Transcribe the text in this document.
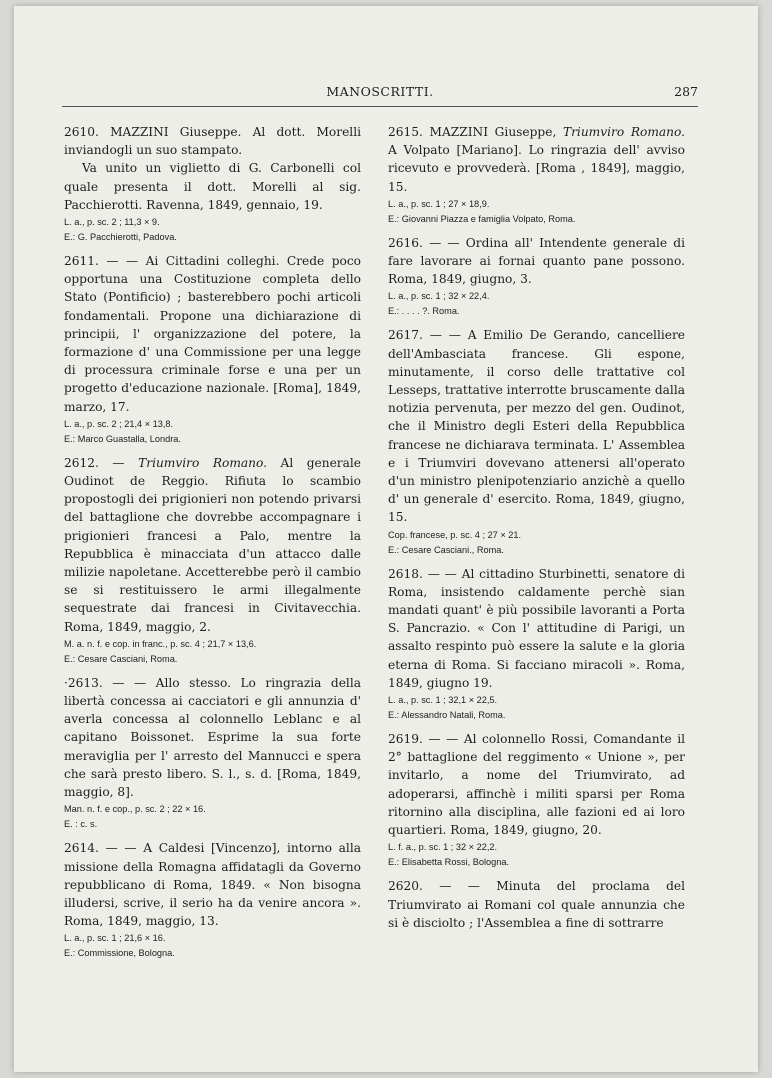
MANOSCRITTI.	287

2610. MAZZINI Giuseppe. Al dott. Morelli inviandogli un suo stampato.

Va unito un viglietto di G. Carbonelli col quale presenta il dott. Morelli al sig. Pacchierotti. Ravenna, 1849, gennaio, 19.

L. a., p. sc. 2 ; 11,3 × 9.
E.: G. Pacchierotti, Padova.

2611. — — Ai Cittadini colleghi. Crede poco opportuna una Costituzione completa dello Stato (Pontificio) ; basterebbero pochi articoli fondamentali. Propone una dichiarazione di principii, l' organizzazione del potere, la formazione d' una Commissione per una legge di processura criminale forse e una per un progetto d'educazione nazionale. [Roma], 1849, marzo, 17.

L. a., p. sc. 2 ; 21,4 × 13,8.
E.: Marco Guastalla, Londra.

2612. — Triumviro Romano. Al generale Oudinot de Reggio. Rifiuta lo scambio propostogli dei prigionieri non potendo privarsi del battaglione che dovrebbe accompagnare i prigionieri francesi a Palo, mentre la Repubblica è minacciata d'un attacco dalle milizie napoletane. Accetterebbe però il cambio se si restituissero le armi illegalmente sequestrate dai francesi in Civitavecchia. Roma, 1849, maggio, 2.

M. a. n. f. e cop. in franc., p. sc. 4 ; 21,7 × 13,6.
E.: Cesare Casciani, Roma.

·2613. — — Allo stesso. Lo ringrazia della libertà concessa ai cacciatori e gli annunzia d' averla concessa al colonnello Leblanc e al capitano Boissonet. Esprime la sua forte meraviglia per l' arresto del Mannucci e spera che sarà presto libero. S. l., s. d. [Roma, 1849, maggio, 8].

Man. n. f. e cop., p. sc. 2 ; 22 × 16.
E. : c. s.

2614. — — A Caldesi [Vincenzo], intorno alla missione della Romagna affidatagli da Governo repubblicano di Roma, 1849. « Non bisogna illudersi, scrive, il serio ha da venire ancora ». Roma, 1849, maggio, 13.

L. a., p. sc. 1 ; 21,6 × 16.
E.: Commissione, Bologna.

2615. MAZZINI Giuseppe, Triumviro Romano. A Volpato [Mariano]. Lo ringrazia dell' avviso ricevuto e provvederà. [Roma , 1849], maggio, 15.

L. a., p. sc. 1 ; 27 × 18,9.
E.: Giovanni Piazza e famiglia Volpato, Roma.

2616. — — Ordina all' Intendente generale di fare lavorare ai fornai quanto pane possono. Roma, 1849, giugno, 3.

L. a., p. sc. 1 ; 32 × 22,4.
E.: . . . . ?. Roma.

2617. — — A Emilio De Gerando, cancelliere dell'Ambasciata francese. Gli espone, minutamente, il corso delle trattative col Lesseps, trattative interrotte bruscamente dalla notizia pervenuta, per mezzo del gen. Oudinot, che il Ministro degli Esteri della Repubblica francese ne dichiarava terminata. L' Assemblea e i Triumviri dovevano attenersi all'operato d'un ministro plenipotenziario anzichè a quello d' un generale d' esercito. Roma, 1849, giugno, 15.

Cop. francese, p. sc. 4 ; 27 × 21.
E.: Cesare Casciani., Roma.

2618. — — Al cittadino Sturbinetti, senatore di Roma, insistendo caldamente perchè sian mandati quant' è più possibile lavoranti a Porta S. Pancrazio. « Con l' attitudine di Parigi, un assalto respinto può essere la salute e la gloria eterna di Roma. Si facciano miracoli ». Roma, 1849, giugno 19.

L. a., p. sc. 1 ; 32,1 × 22,5.
E.: Alessandro Natali, Roma.

2619. — — Al colonnello Rossi, Comandante il 2° battaglione del reggimento « Unione », per invitarlo, a nome del Triumvirato, ad adoperarsi, affinchè i militi sparsi per Roma ritornino alla disciplina, alle fazioni ed ai loro quartieri. Roma, 1849, giugno, 20.

L. f. a., p. sc. 1 ; 32 × 22,2.
E.: Elisabetta Rossi, Bologna.

2620. — — Minuta del proclama del Triumvirato ai Romani col quale annunzia che si è disciolto ; l'Assemblea a fine di sottrarre
